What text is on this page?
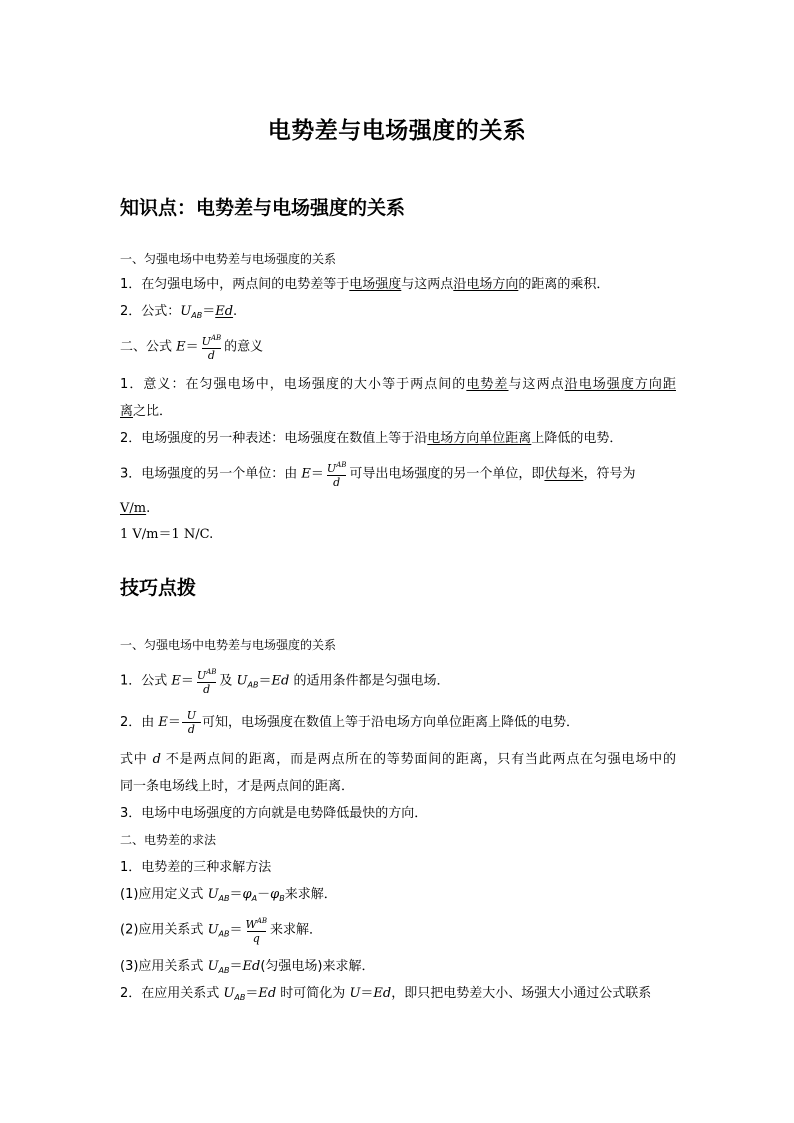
电势差与电场强度的关系
知识点：电势差与电场强度的关系
一、匀强电场中电势差与电场强度的关系
1．在匀强电场中，两点间的电势差等于电场强度与这两点沿电场方向的距离的乘积．
2．公式：$U_{AB}=Ed$.
二、公式 $E= \frac{U^{AB}}{d}$ 的意义
1．意义：在匀强电场中，电场强度的大小等于两点间的电势差与这两点沿电场强度方向距
离之比．
2．电场强度的另一种表述：电场强度在数值上等于沿电场方向单位距离上降低的电势．
3．电场强度的另一个单位：由 $E= \frac{U^{AB}}{d}$ 可导出电场强度的另一个单位，即伏每米，符号为
V/m.
1 V/m＝1 N/C.
技巧点拨
一、匀强电场中电势差与电场强度的关系
1．公式 $E= \frac{U^{AB}}{d}$ 及 $U_{AB}=Ed$ 的适用条件都是匀强电场．
2．由 $E= \frac{U}{d}$ 可知，电场强度在数值上等于沿电场方向单位距离上降低的电势．
式中 d 不是两点间的距离，而是两点所在的等势面间的距离，只有当此两点在匀强电场中的
同一条电场线上时，才是两点间的距离．
3．电场中电场强度的方向就是电势降低最快的方向．
二、电势差的求法
1．电势差的三种求解方法
(1)应用定义式 $U_{AB}=\varphi_A-\varphi_B$来求解．
(2)应用关系式 $U_{AB}= \frac{W^{AB}}{q}$ 来求解．
(3)应用关系式 $U_{AB}=Ed$(匀强电场)来求解．
2．在应用关系式 $U_{AB}=Ed$ 时可简化为 U＝Ed，即只把电势差大小、场强大小通过公式联系
